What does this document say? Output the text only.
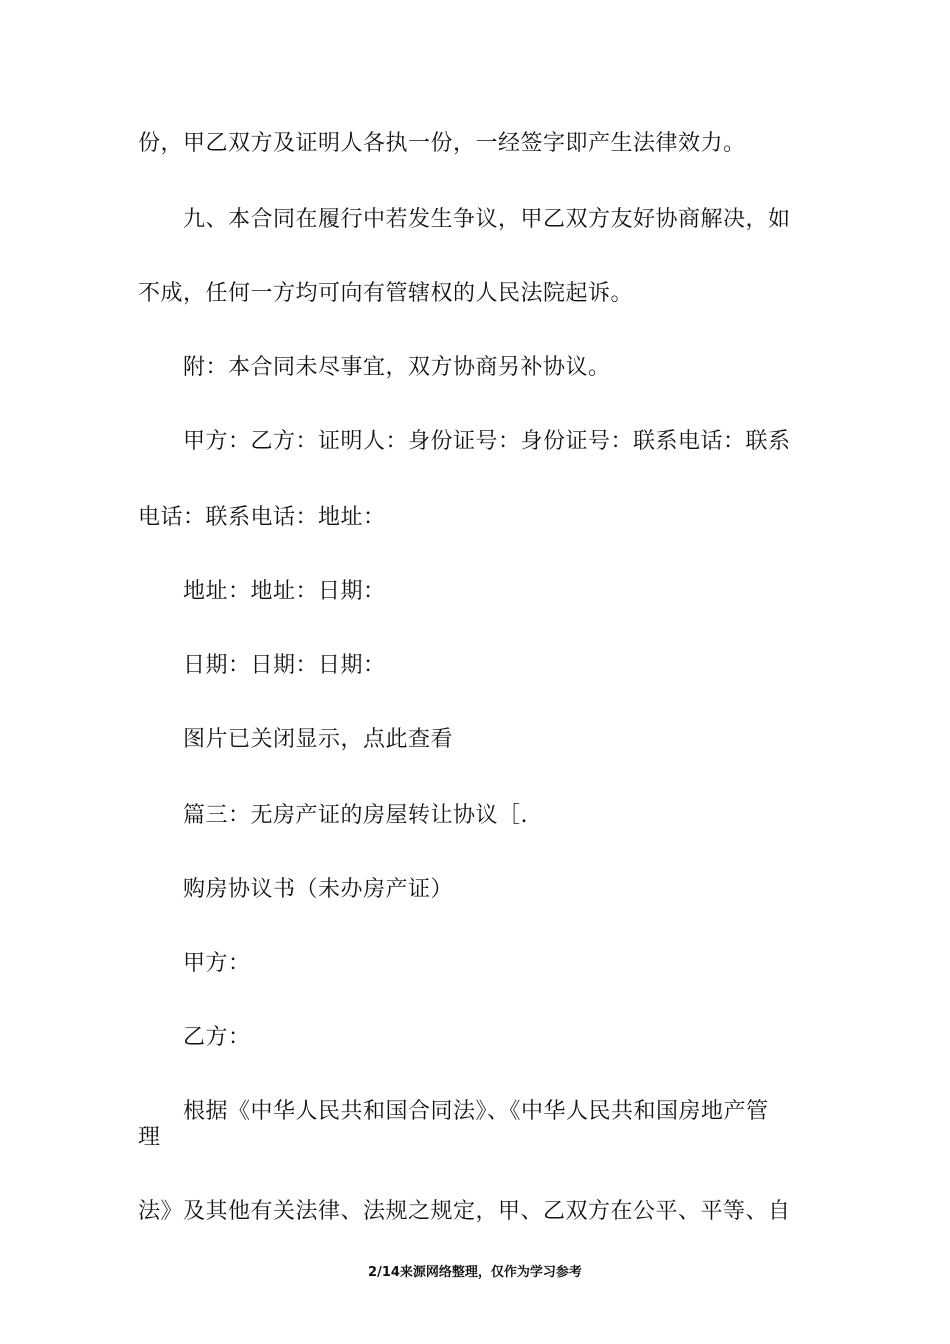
份，甲乙双方及证明人各执一份，一经签字即产生法律效力。
九、本合同在履行中若发生争议，甲乙双方友好协商解决，如
不成，任何一方均可向有管辖权的人民法院起诉。
附：本合同未尽事宜，双方协商另补协议。
甲方：乙方：证明人：身份证号：身份证号：联系电话：联系
电话：联系电话：地址：
地址：地址：日期：
日期：日期：日期：
图片已关闭显示，点此查看
篇三：无房产证的房屋转让协议［.
购房协议书（未办房产证）
甲方：
乙方：
根据《中华人民共和国合同法》、《中华人民共和国房地产管
理
法》及其他有关法律、法规之规定，甲、乙双方在公平、平等、自
2/14来源网络整理，仅作为学习参考
